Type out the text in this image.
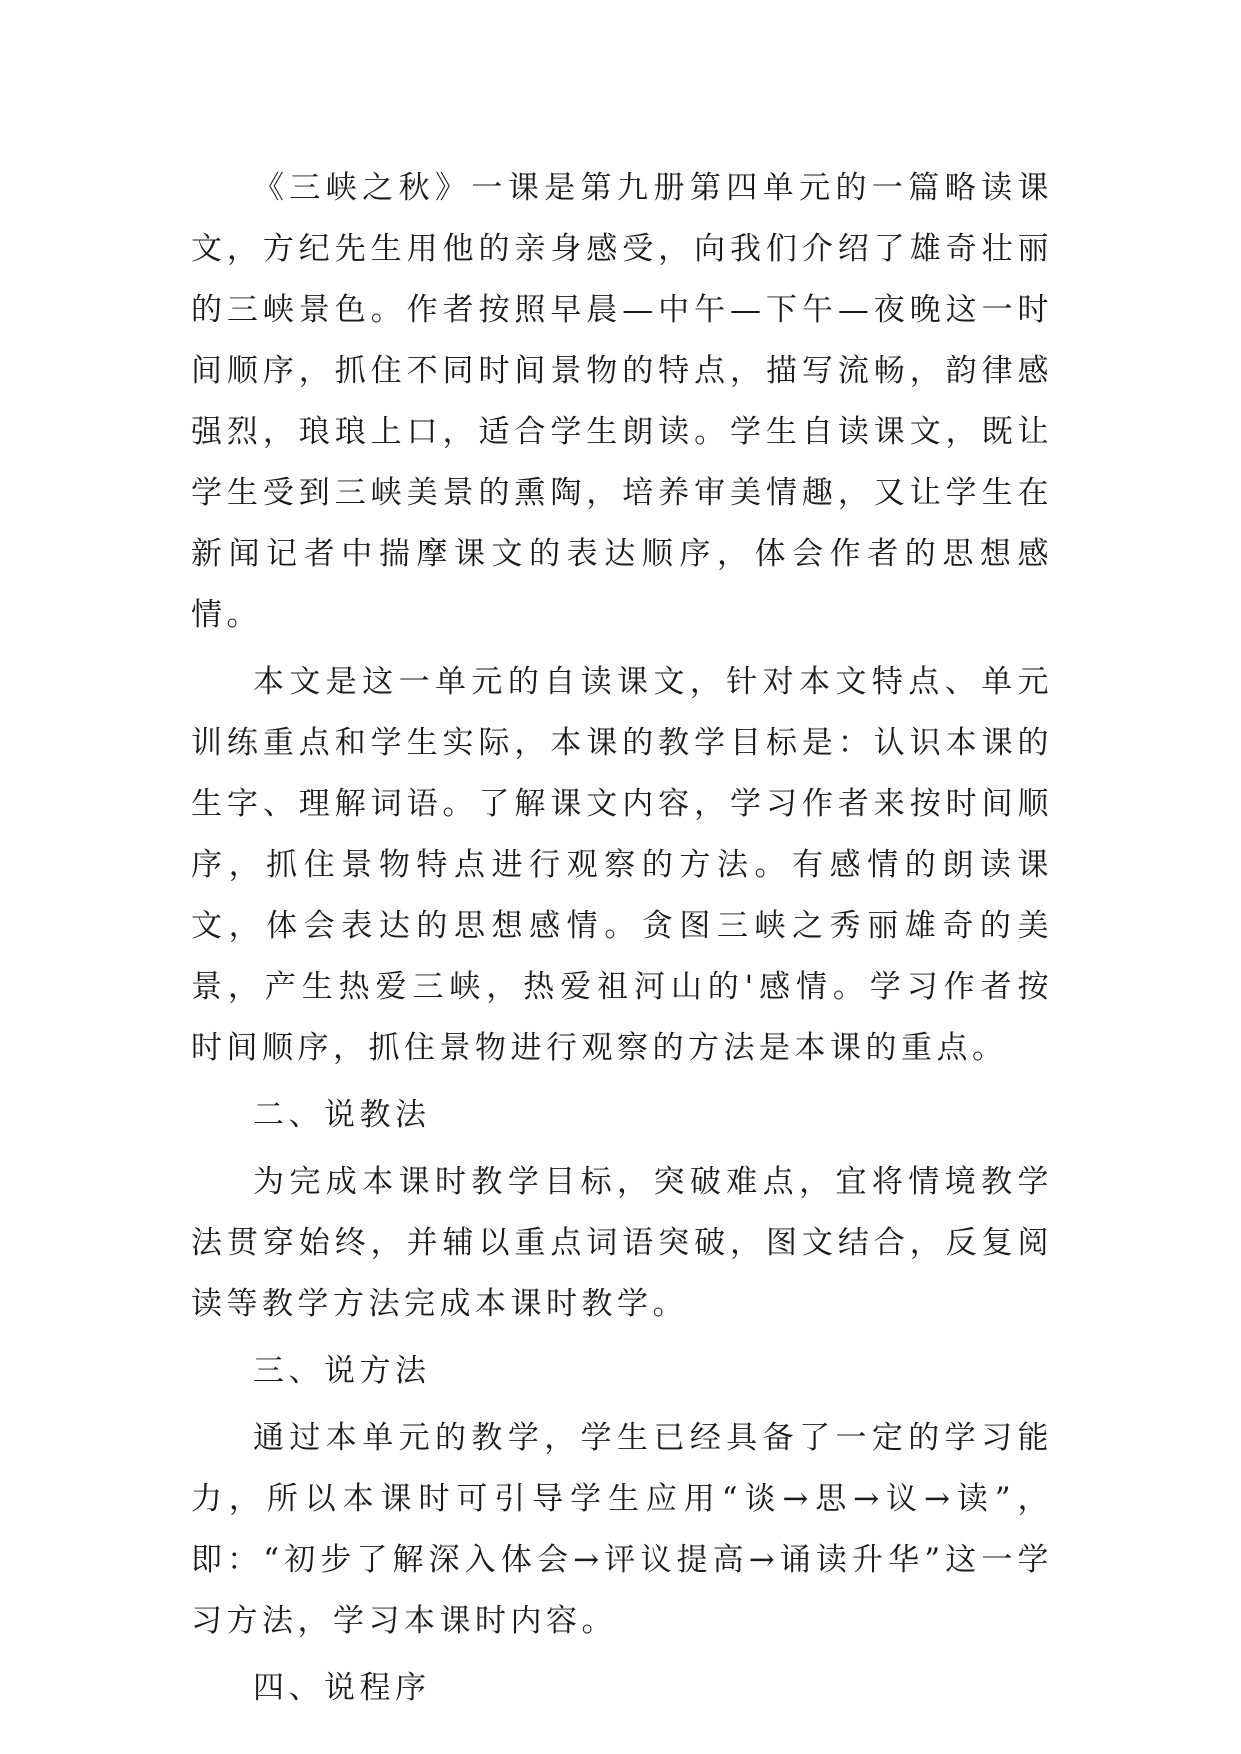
《三峡之秋》一课是第九册第四单元的一篇略读课文，方纪先生用他的亲身感受，向我们介绍了雄奇壮丽的三峡景色。作者按照早晨—中午—下午—夜晚这一时间顺序，抓住不同时间景物的特点，描写流畅，韵律感强烈，琅琅上口，适合学生朗读。学生自读课文，既让学生受到三峡美景的熏陶，培养审美情趣，又让学生在新闻记者中揣摩课文的表达顺序，体会作者的思想感情。

本文是这一单元的自读课文，针对本文特点、单元训练重点和学生实际，本课的教学目标是：认识本课的生字、理解词语。了解课文内容，学习作者来按时间顺序，抓住景物特点进行观察的方法。有感情的朗读课文，体会表达的思想感情。贪图三峡之秀丽雄奇的美景，产生热爱三峡，热爱祖河山的'感情。学习作者按时间顺序，抓住景物进行观察的方法是本课的重点。

二、说教法

为完成本课时教学目标，突破难点，宜将情境教学法贯穿始终，并辅以重点词语突破，图文结合，反复阅读等教学方法完成本课时教学。

三、说方法

通过本单元的教学，学生已经具备了一定的学习能力，所以本课时可引导学生应用“谈→思→议→读”，即：“初步了解深入体会→评议提高→诵读升华”这一学习方法，学习本课时内容。

四、说程序
